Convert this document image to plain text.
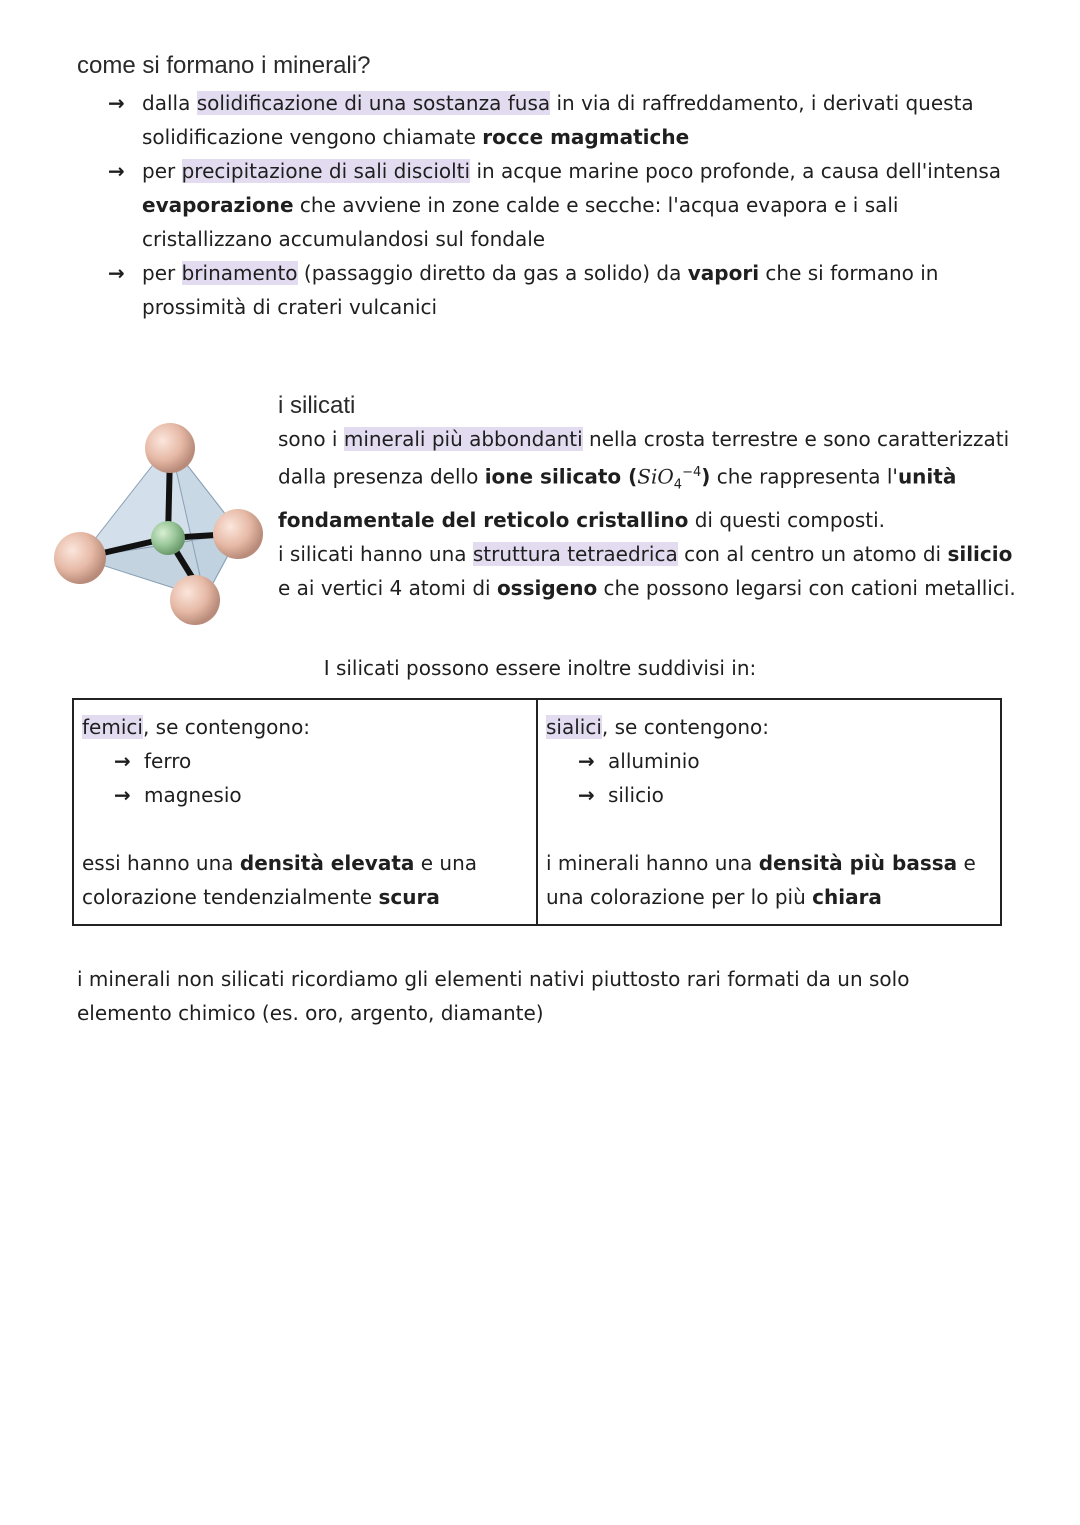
come si formano i minerali?
→ dalla solidificazione di una sostanza fusa in via di raffreddamento, i derivati questa solidificazione vengono chiamate rocce magmatiche
→ per precipitazione di sali disciolti in acque marine poco profonde, a causa dell'intensa evaporazione che avviene in zone calde e secche: l'acqua evapora e i sali cristallizzano accumulandosi sul fondale
→ per brinamento (passaggio diretto da gas a solido) da vapori che si formano in prossimità di crateri vulcanici
i silicati

sono i minerali più abbondanti nella crosta terrestre e sono caratterizzati dalla presenza dello ione silicato (SiO$_4^{-4}$) che rappresenta l'unità fondamentale del reticolo cristallino di questi composti.

i silicati hanno una struttura tetraedrica con al centro un atomo di silicio e ai vertici 4 atomi di ossigeno che possono legarsi con cationi metallici.

I silicati possono essere inoltre suddivisi in:

femici, se contengono:
→ ferro
→ magnesio
essi hanno una densità elevata e una colorazione tendenzialmente scura

sialici, se contengono:
→ alluminio
→ silicio
i minerali hanno una densità più bassa e una colorazione per lo più chiara

i minerali non silicati ricordiamo gli elementi nativi piuttosto rari formati da un solo elemento chimico (es. oro, argento, diamante)
